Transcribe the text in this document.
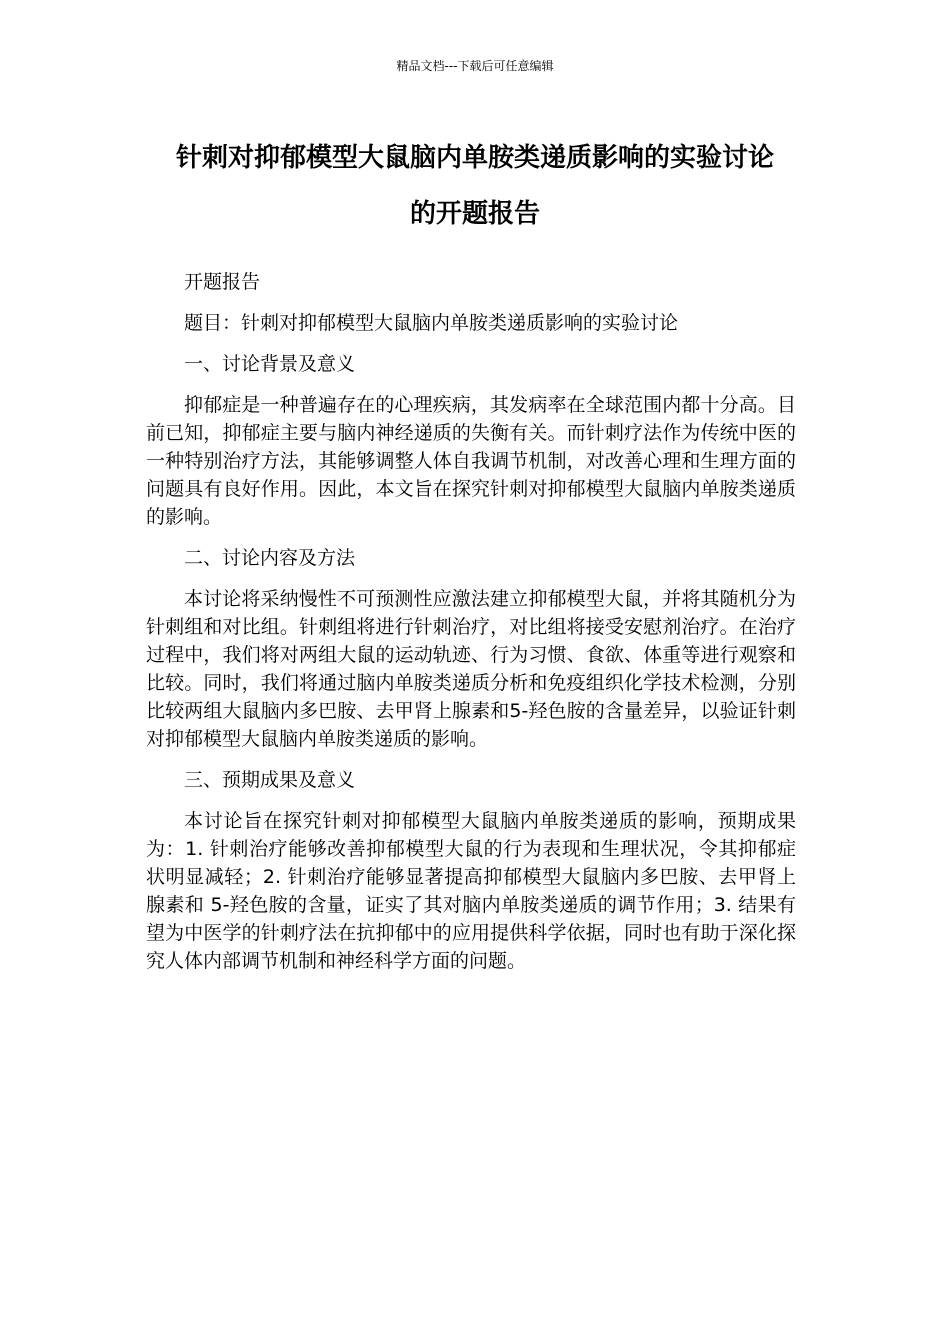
精品文档---下载后可任意编辑
针刺对抑郁模型大鼠脑内单胺类递质影响的实验讨论
的开题报告

开题报告

题目：针刺对抑郁模型大鼠脑内单胺类递质影响的实验讨论

一、讨论背景及意义

抑郁症是一种普遍存在的心理疾病，其发病率在全球范围内都十分高。目前已知，抑郁症主要与脑内神经递质的失衡有关。而针刺疗法作为传统中医的一种特别治疗方法，其能够调整人体自我调节机制，对改善心理和生理方面的问题具有良好作用。因此，本文旨在探究针刺对抑郁模型大鼠脑内单胺类递质的影响。

二、讨论内容及方法

本讨论将采纳慢性不可预测性应激法建立抑郁模型大鼠，并将其随机分为针刺组和对比组。针刺组将进行针刺治疗，对比组将接受安慰剂治疗。在治疗过程中，我们将对两组大鼠的运动轨迹、行为习惯、食欲、体重等进行观察和比较。同时，我们将通过脑内单胺类递质分析和免疫组织化学技术检测，分别比较两组大鼠脑内多巴胺、去甲肾上腺素和5-羟色胺的含量差异，以验证针刺对抑郁模型大鼠脑内单胺类递质的影响。

三、预期成果及意义

本讨论旨在探究针刺对抑郁模型大鼠脑内单胺类递质的影响，预期成果为：1. 针刺治疗能够改善抑郁模型大鼠的行为表现和生理状况，令其抑郁症状明显减轻；2. 针刺治疗能够显著提高抑郁模型大鼠脑内多巴胺、去甲肾上腺素和 5-羟色胺的含量，证实了其对脑内单胺类递质的调节作用；3. 结果有望为中医学的针刺疗法在抗抑郁中的应用提供科学依据，同时也有助于深化探究人体内部调节机制和神经科学方面的问题。
